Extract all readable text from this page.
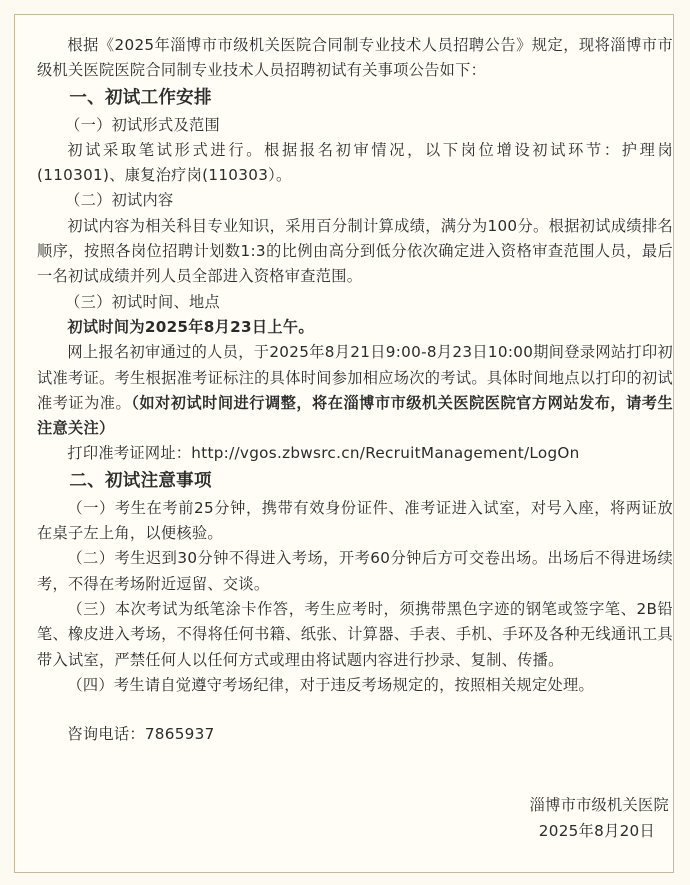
根据《2025年淄博市市级机关医院合同制专业技术人员招聘公告》规定，现将淄博市市级机关医院医院合同制专业技术人员招聘初试有关事项公告如下：

一、初试工作安排

（一）初试形式及范围

初试采取笔试形式进行。根据报名初审情况，以下岗位增设初试环节：护理岗(110301)、康复治疗岗(110303）。

（二）初试内容

初试内容为相关科目专业知识，采用百分制计算成绩，满分为100分。根据初试成绩排名顺序，按照各岗位招聘计划数1:3的比例由高分到低分依次确定进入资格审查范围人员，最后一名初试成绩并列人员全部进入资格审查范围。

（三）初试时间、地点

初试时间为2025年8月23日上午。

网上报名初审通过的人员，于2025年8月21日9:00-8月23日10:00期间登录网站打印初试准考证。考生根据准考证标注的具体时间参加相应场次的考试。具体时间地点以打印的初试准考证为准。（如对初试时间进行调整，将在淄博市市级机关医院医院官方网站发布，请考生注意关注）

打印准考证网址：http://vgos.zbwsrc.cn/RecruitManagement/LogOn

二、初试注意事项

（一）考生在考前25分钟，携带有效身份证件、准考证进入试室，对号入座，将两证放在桌子左上角，以便核验。

（二）考生迟到30分钟不得进入考场，开考60分钟后方可交卷出场。出场后不得进场续考，不得在考场附近逗留、交谈。

（三）本次考试为纸笔涂卡作答，考生应考时，须携带黑色字迹的钢笔或签字笔、2B铅笔、橡皮进入考场，不得将任何书籍、纸张、计算器、手表、手机、手环及各种无线通讯工具带入试室，严禁任何人以任何方式或理由将试题内容进行抄录、复制、传播。

（四）考生请自觉遵守考场纪律，对于违反考场规定的，按照相关规定处理。

咨询电话：7865937

淄博市市级机关医院

2025年8月20日
